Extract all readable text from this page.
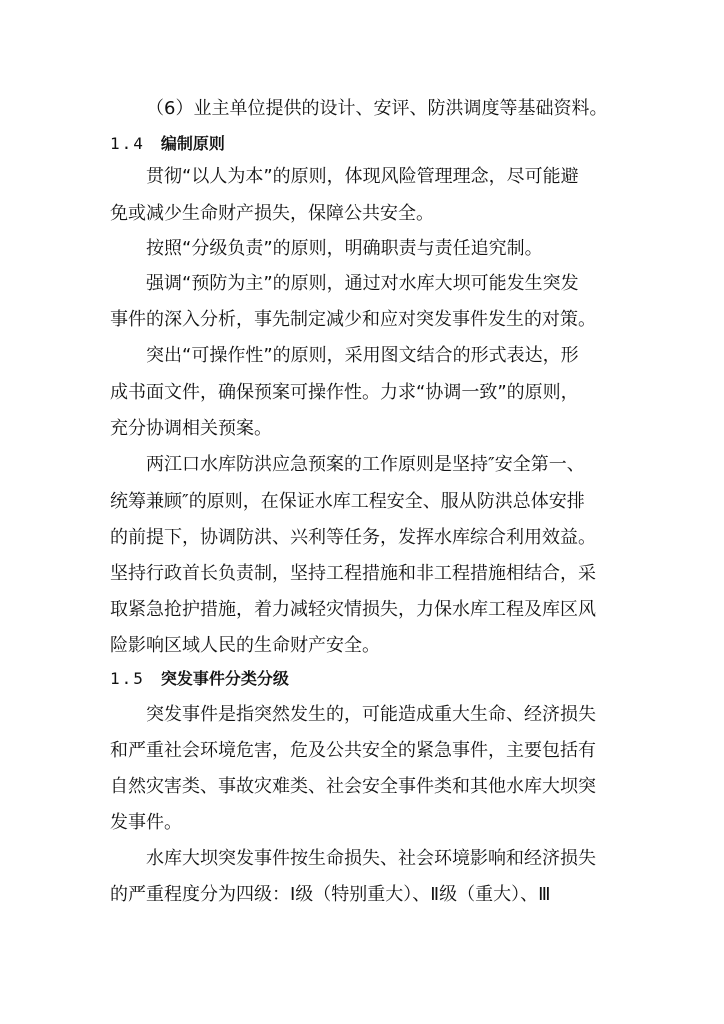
（6）业主单位提供的设计、安评、防洪调度等基础资料。
1.4 编制原则
贯彻“以人为本”的原则，体现风险管理理念，尽可能避
免或减少生命财产损失，保障公共安全。
按照“分级负责”的原则，明确职责与责任追究制。
强调“预防为主”的原则，通过对水库大坝可能发生突发
事件的深入分析，事先制定减少和应对突发事件发生的对策。
突出“可操作性”的原则，采用图文结合的形式表达，形
成书面文件，确保预案可操作性。力求“协调一致”的原则，
充分协调相关预案。
两江口水库防洪应急预案的工作原则是坚持″安全第一、
统筹兼顾″的原则，在保证水库工程安全、服从防洪总体安排
的前提下，协调防洪、兴利等任务，发挥水库综合利用效益。
坚持行政首长负责制，坚持工程措施和非工程措施相结合，采
取紧急抢护措施，着力减轻灾情损失，力保水库工程及库区风
险影响区域人民的生命财产安全。
1.5 突发事件分类分级
突发事件是指突然发生的，可能造成重大生命、经济损失
和严重社会环境危害，危及公共安全的紧急事件，主要包括有
自然灾害类、事故灾难类、社会安全事件类和其他水库大坝突
发事件。
水库大坝突发事件按生命损失、社会环境影响和经济损失
的严重程度分为四级：Ⅰ级（特别重大）、Ⅱ级（重大）、Ⅲ
